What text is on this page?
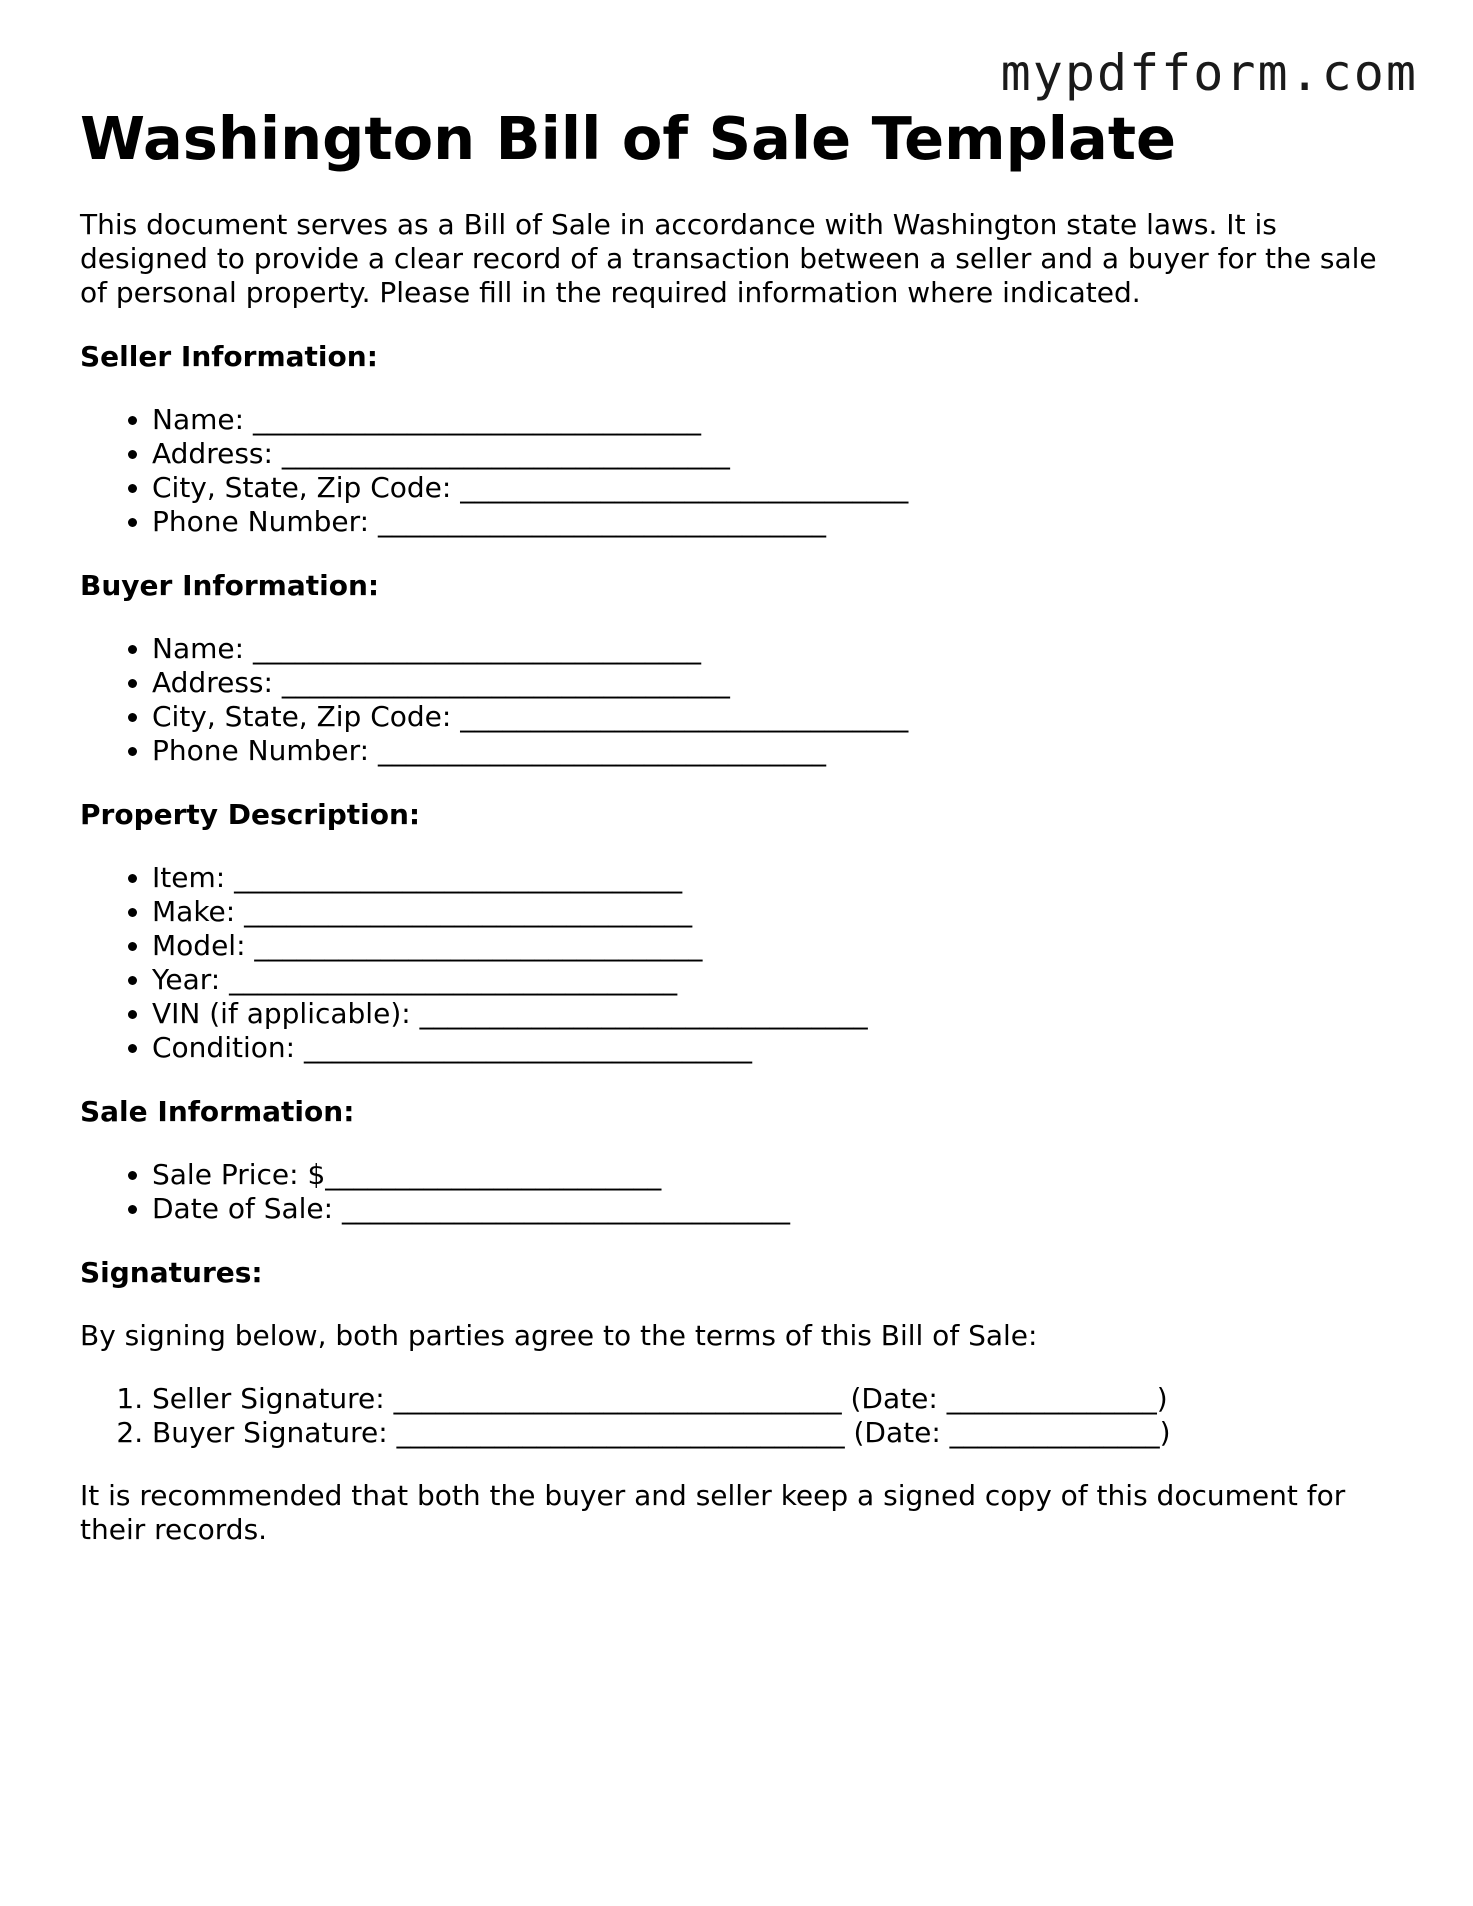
mypdfform.com
Washington Bill of Sale Template

This document serves as a Bill of Sale in accordance with Washington state laws. It is designed to provide a clear record of a transaction between a seller and a buyer for the sale of personal property. Please fill in the required information where indicated.

Seller Information:
• Name: ________________________________
• Address: ________________________________
• City, State, Zip Code: ________________________________
• Phone Number: ________________________________
Buyer Information:
• Name: ________________________________
• Address: ________________________________
• City, State, Zip Code: ________________________________
• Phone Number: ________________________________
Property Description:
• Item: ________________________________
• Make: ________________________________
• Model: ________________________________
• Year: ________________________________
• VIN (if applicable): ________________________________
• Condition: ________________________________
Sale Information:
• Sale Price: $________________________
• Date of Sale: ________________________________
Signatures:

By signing below, both parties agree to the terms of this Bill of Sale:

1. Seller Signature: ________________________________ (Date: _______________)
2. Buyer Signature: ________________________________ (Date: _______________)

It is recommended that both the buyer and seller keep a signed copy of this document for their records.
